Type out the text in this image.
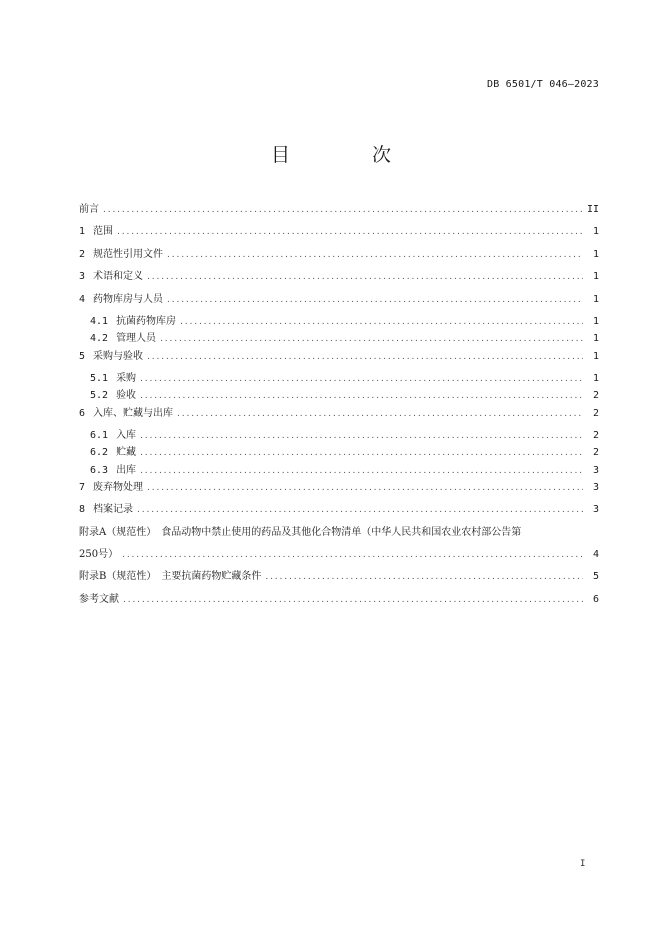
DB 6501/T 046—2023
目 次
前言 . . .	II
1 范围 . . .	1
2 规范性引用文件 . . .	1
3 术语和定义 . . .	1
4 药物库房与人员 . . .	1
4.1 抗菌药物库房 . . .	1
4.2 管理人员 . . .	1
5 采购与验收 . . .	1
5.1 采购 . . .	1
5.2 验收 . . .	2
6 入库、贮藏与出库 . . .	2
6.1 入库 . . .	2
6.2 贮藏 . . .	2
6.3 出库 . . .	3
7 废弃物处理 . . .	3
8 档案记录 . . .	3
附录A（规范性）　食品动物中禁止使用的药品及其他化合物清单（中华人民共和国农业农村部公告第
250号） . . .	4
附录B（规范性）　主要抗菌药物贮藏条件 . . .	5
参考文献 . . .	6
I
